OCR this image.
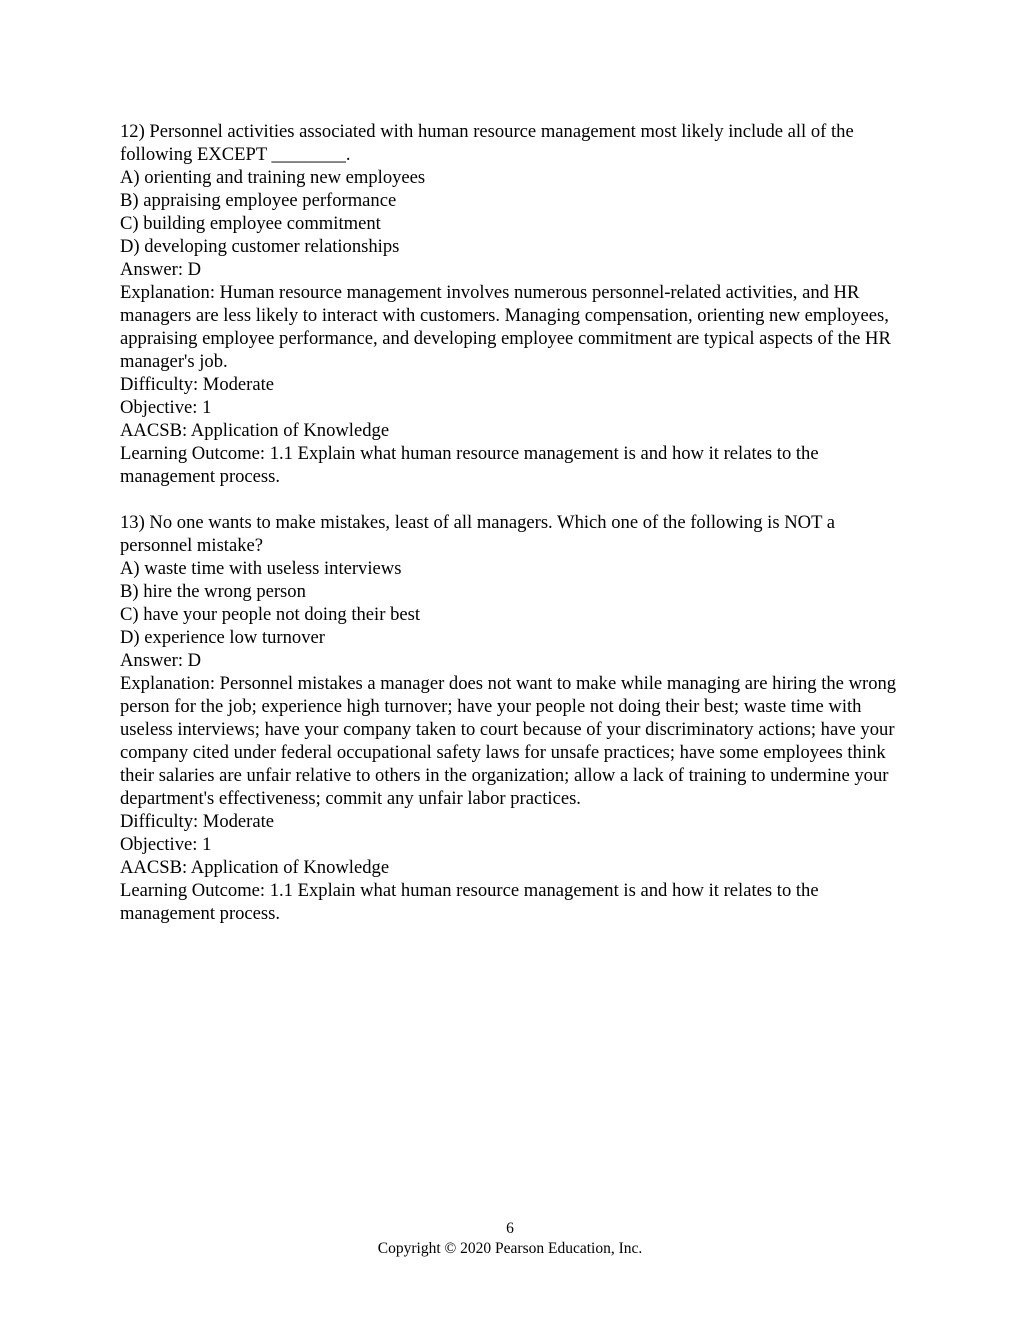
12) Personnel activities associated with human resource management most likely include all of the following EXCEPT ________.
A) orienting and training new employees
B) appraising employee performance
C) building employee commitment
D) developing customer relationships
Answer: D
Explanation: Human resource management involves numerous personnel-related activities, and HR managers are less likely to interact with customers. Managing compensation, orienting new employees, appraising employee performance, and developing employee commitment are typical aspects of the HR manager's job.
Difficulty: Moderate
Objective: 1
AACSB: Application of Knowledge
Learning Outcome: 1.1 Explain what human resource management is and how it relates to the management process.
13) No one wants to make mistakes, least of all managers. Which one of the following is NOT a personnel mistake?
A) waste time with useless interviews
B) hire the wrong person
C) have your people not doing their best
D) experience low turnover
Answer: D
Explanation: Personnel mistakes a manager does not want to make while managing are hiring the wrong person for the job; experience high turnover; have your people not doing their best; waste time with useless interviews; have your company taken to court because of your discriminatory actions; have your company cited under federal occupational safety laws for unsafe practices; have some employees think their salaries are unfair relative to others in the organization; allow a lack of training to undermine your department's effectiveness; commit any unfair labor practices.
Difficulty: Moderate
Objective: 1
AACSB: Application of Knowledge
Learning Outcome: 1.1 Explain what human resource management is and how it relates to the management process.
6
Copyright © 2020 Pearson Education, Inc.
